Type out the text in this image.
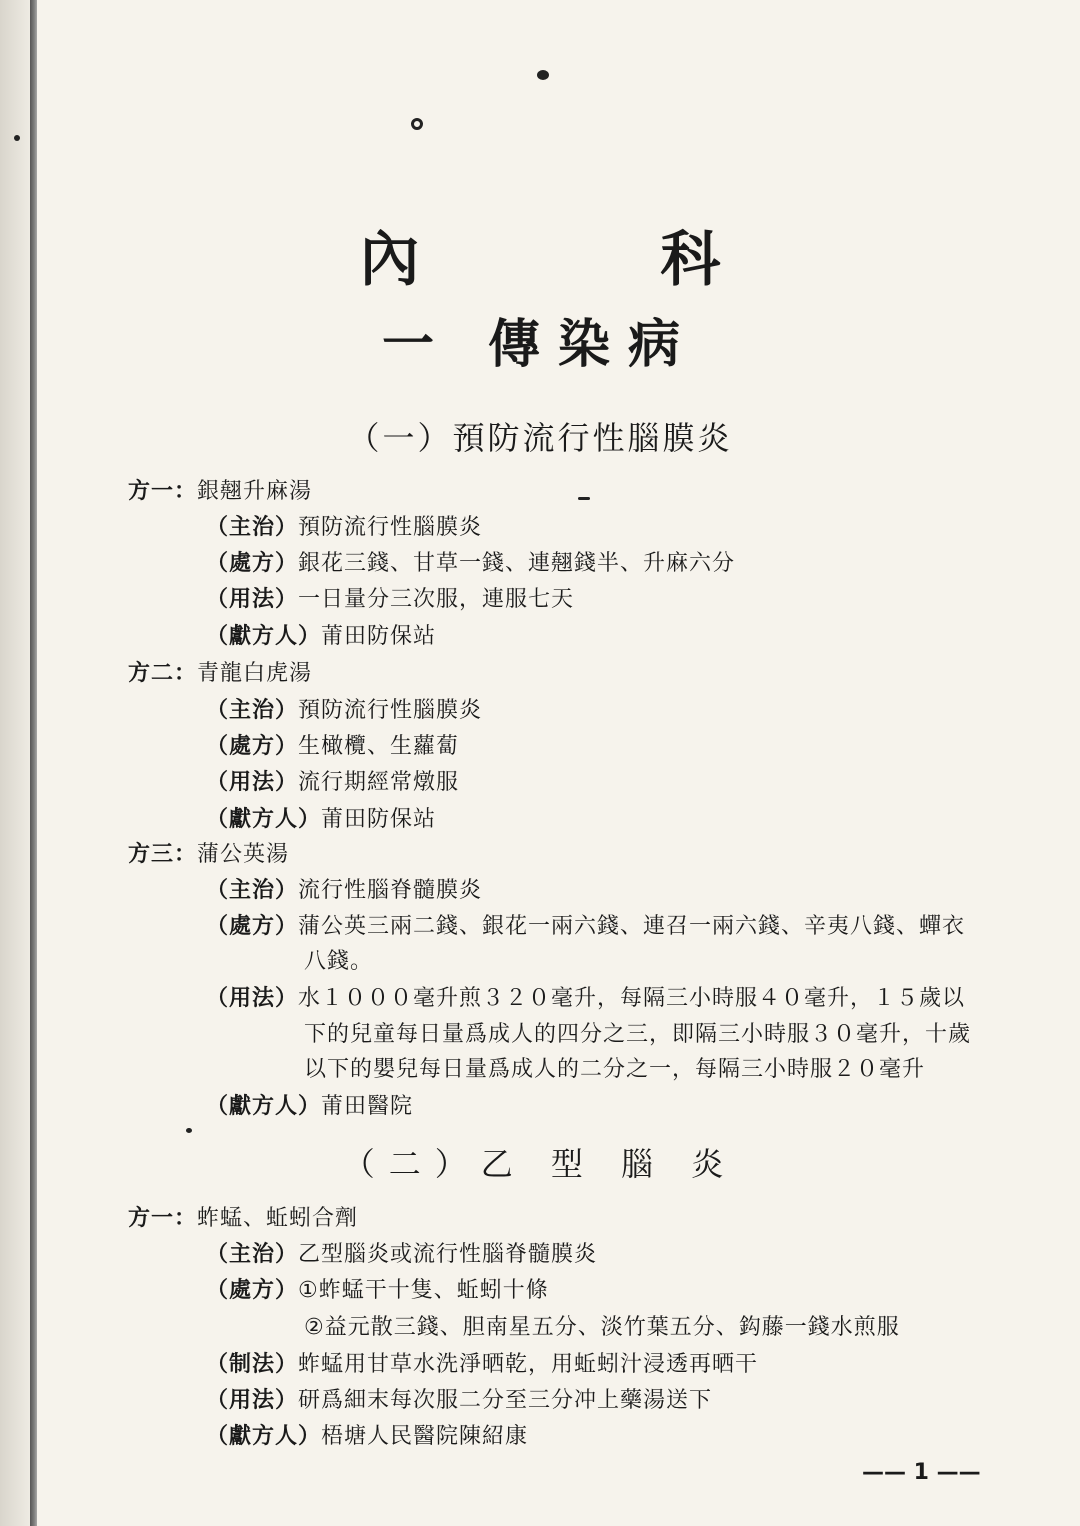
內 科
一 傳染病
（一）預防流行性腦膜炎
方一：銀翹升麻湯
（主治）預防流行性腦膜炎
（處方）銀花三錢、甘草一錢、連翹錢半、升麻六分
（用法）一日量分三次服，連服七天
（獻方人）莆田防保站
方二：青龍白虎湯
（主治）預防流行性腦膜炎
（處方）生橄欖、生蘿蔔
（用法）流行期經常燉服
（獻方人）莆田防保站
方三：蒲公英湯
（主治）流行性腦脊髓膜炎
（處方）蒲公英三兩二錢、銀花一兩六錢、連召一兩六錢、辛夷八錢、蟬衣
八錢。
（用法）水１０００毫升煎３２０毫升，每隔三小時服４０毫升，１５歲以
下的兒童每日量爲成人的四分之三，即隔三小時服３０毫升，十歲
以下的嬰兒每日量爲成人的二分之一，每隔三小時服２０毫升
（獻方人）莆田醫院
（二）乙 型 腦 炎
方一：蚱蜢、蚯蚓合劑
（主治）乙型腦炎或流行性腦脊髓膜炎
（處方）①蚱蜢干十隻、蚯蚓十條
②益元散三錢、胆南星五分、淡竹葉五分、鈎藤一錢水煎服
（制法）蚱蜢用甘草水洗淨晒乾，用蚯蚓汁浸透再晒干
（用法）研爲細末每次服二分至三分冲上藥湯送下
（獻方人）梧塘人民醫院陳紹康
—— 1 ——
